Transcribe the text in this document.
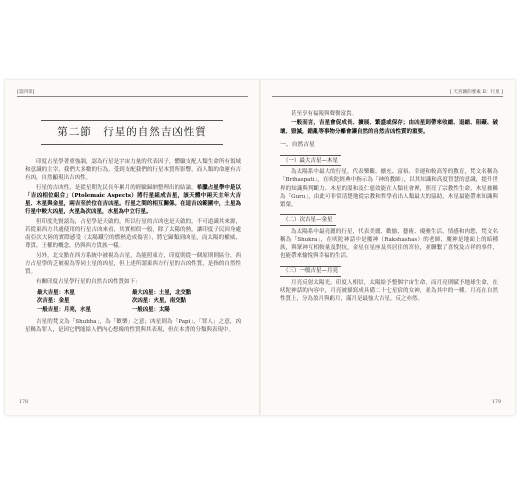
[第四章]
第二節　行星的自然吉凶性質

印度占星學著重強調，認為行星是宇宙力量的代表因子，體驗支配人類生命所有領域和意識的主宰，我們大多數的行為，受到支配我們的行星本質所影響，而人類的命運有吉有凶，自然顯現出吉凶性。

行星的吉凶性，是從星期先民長年累月的經驗歸納整理出的結論，希臘占星學中是以「吉凶相位組合」（Ptolemaic Aspects）將行星組成吉星，該天體中兩天主年大吉星、木星與金星，兩吉至於位在吉凶星。行星之間的相互關係。在這吉凶範圍中，土星為行星中較大凶星，火星為次凶星，水星為中立行星。

但印度先賢認為，占星學是天啟的，所以行星的吉凶也是天啟的，不可道識其來源，若從東西方共通使用的行星吉凶來看，其實相似一般，除了太陽的熱，讓印度子民因身處南亞次大陸的實際感受（太陽鐵空的燃熱造成傷害），將它歸類到凶星，而太陽的權威、尊貴、王權的概念，仍與西方貴族一樣。

另外，北交點在西方系統中被視為吉星，為能照東方，印度則從一個原則則區分，西方占星學的乏被視為等同土星的凶星，但上述所謂東西方行星的吉凶性質，是指的自然性質。

有關印度占星學行星的自然吉凶性質如下：

最大吉星：木星	最大凶星：土星，北交點
次吉星：金星	次凶星：火星，南交點
一般吉星：月亮，水星	一般凶星：太陽

吉星的梵文為「Shubha」，為「歡樂」之意；凶星則為「Papi」，「罪人」之意，凶星稱為罪人，是因它們能給人們內心想像的性質與其表現，但在本書的分類與表現中。

178
[ 天宮圖的要素 II：行星 ]

甚至享有福報與聲譽富貴。

一般而言，吉星會促成長、擴展、繁盛或保存；由凶星則帶來收縮、退縮、阻礙、破壞、毀滅，錯亂等事物分離會讓自然的自然吉凶性質的重要。

一、自然吉星
（一）最大吉星—木星

為太陽系中最大的行星，代表樂觀、擴充、富裕、幸運和較高等的教育，梵文名稱為「Brihaspati」，在吠陀經典中指示為「神的教師」，以其知識和高度智慧的意識，提升世界的知識與判斷力。木星的溫和及仁慈效能在人類社會裡，照亮了宗教性生命，木星被稱為「Guru」，由此可非常清楚地從宗教和哲學看出人類最大的協助，木星最能帶來知識與繁榮。

（二）次吉星—金星

為太陽系中最亮麗的行星，代表美麗、歡愉、藝術、優雅生活、情感和肉慾，梵文名稱為「Shukra」，在吠陀神話中是魔神（Rakshashas）的老師，魔神是地面上的暗種族，與眾神互相較量及對抗，金星在星座及其居住的宮位，並聯繫了喜悅及吉祥的事件，也能帶來愉悅與幸福的生活。

（三）一般吉星—月亮

月亮反射太陽光，印度人相信，太陽給予整個宇宙生命，而月亮則賦予地球生命，在吠陀神話的內容中，月亮被描寫成具備二十七星宿的女神，並為其中的一種。月亮在自然性質上，分為盈月與虧月，滿月是最強大吉星，反之亦然。

179
